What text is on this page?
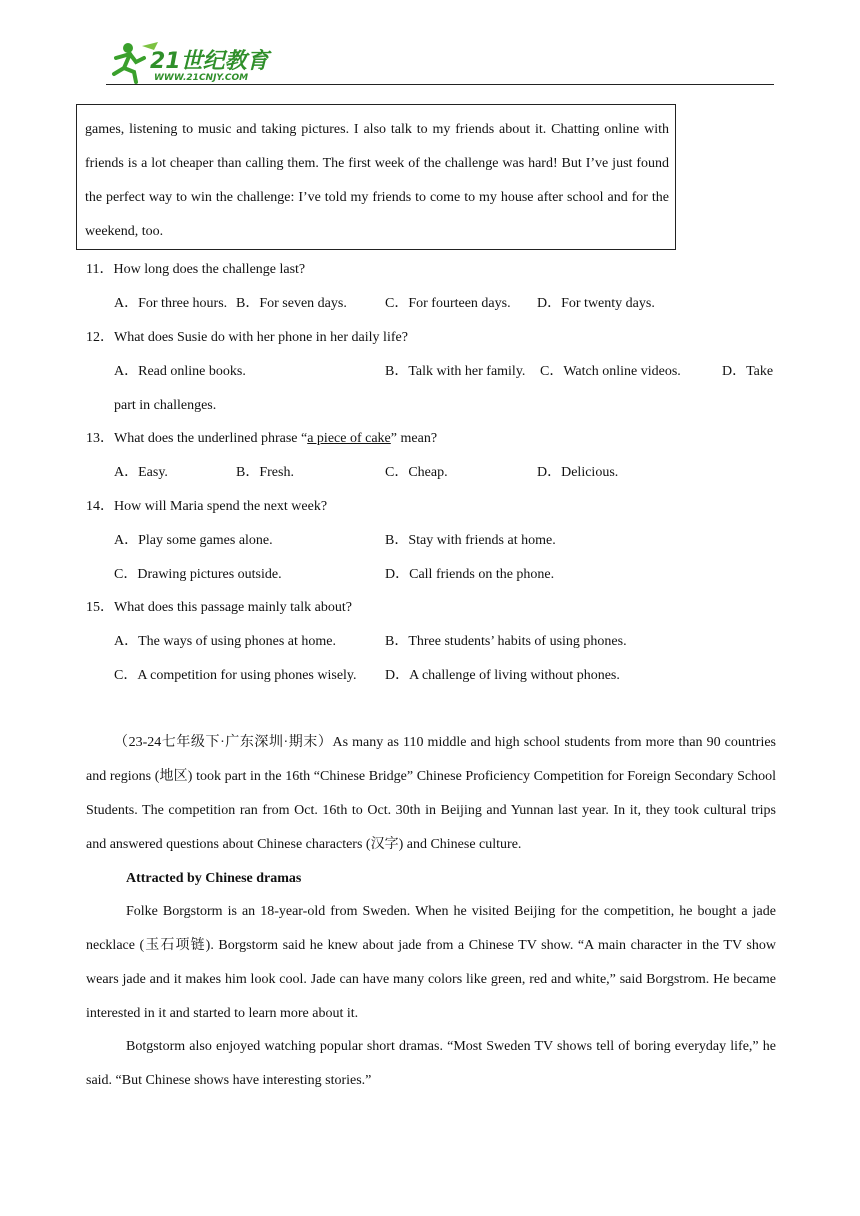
21世纪教育
WWW.21CNJY.COM

games, listening to music and taking pictures. I also talk to my friends about it. Chatting online with friends is a lot cheaper than calling them. The first week of the challenge was hard! But I’ve just found the perfect way to win the challenge: I’ve told my friends to come to my house after school and for the weekend, too.

11．How long does the challenge last?
A．For three hours. B．For seven days.	C．For fourteen days. D．For twenty days.
12．What does Susie do with her phone in her daily life?
A．Read online books.	B．Talk with her family. C．Watch online videos.	D．Take
part in challenges.
13．What does the underlined phrase “a piece of cake” mean?
A．Easy.	B．Fresh.	C．Cheap.	D．Delicious.
14．How will Maria spend the next week?
A．Play some games alone.	B．Stay with friends at home.
C．Drawing pictures outside.	D．Call friends on the phone.
15．What does this passage mainly talk about?
A．The ways of using phones at home.	B．Three students’ habits of using phones.
C．A competition for using phones wisely. D．A challenge of living without phones.

（23-24七年级下·广东深圳·期末）As many as 110 middle and high school students from more than 90 countries and regions (地区) took part in the 16th “Chinese Bridge” Chinese Proficiency Competition for Foreign Secondary School Students. The competition ran from Oct. 16th to Oct. 30th in Beijing and Yunnan last year. In it, they took cultural trips and answered questions about Chinese characters (汉字) and Chinese culture.

Attracted by Chinese dramas

Folke Borgstorm is an 18-year-old from Sweden. When he visited Beijing for the competition, he bought a jade necklace (玉石项链). Borgstorm said he knew about jade from a Chinese TV show. “A main character in the TV show wears jade and it makes him look cool. Jade can have many colors like green, red and white,” said Borgstrom. He became interested in it and started to learn more about it.

Botgstorm also enjoyed watching popular short dramas. “Most Sweden TV shows tell of boring everyday life,” he said. “But Chinese shows have interesting stories.”
